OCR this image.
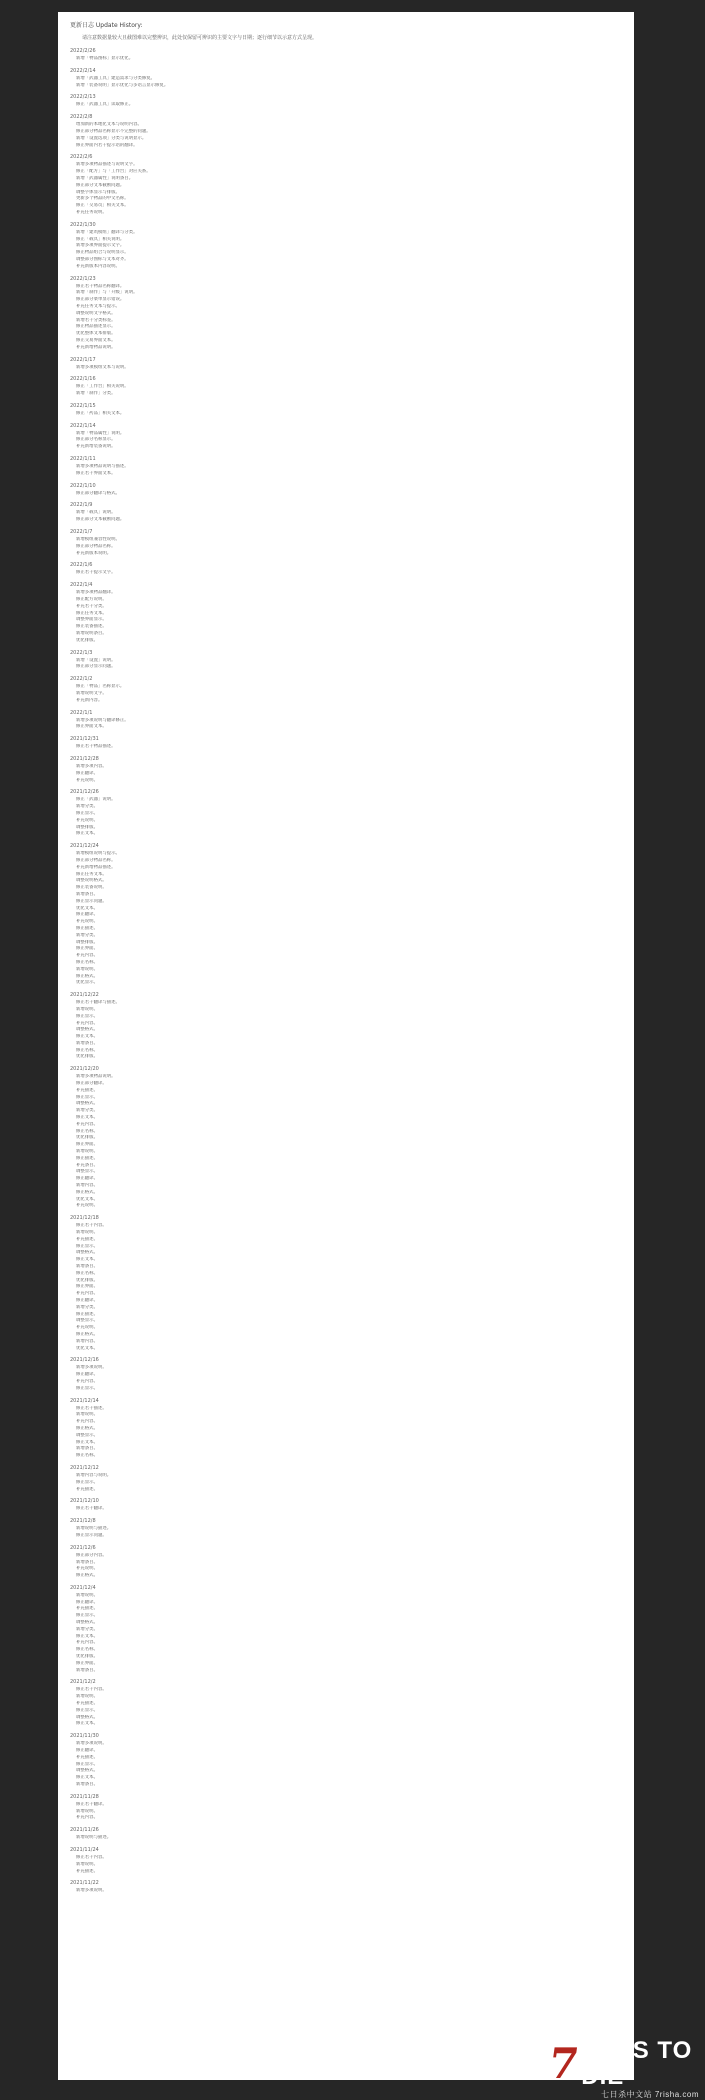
更新日志 Update History:
请注意数据量较大且截图难以完整辨识，此处仅保留可辨识的主要文字与日期；逐行细节以示意方式呈现。
2022/2/26
新增「物品图标」显示优化。
2022/2/14
新增「武器工具」建造需求与分类修复。
新增「装备说明」显示优化与多语言显示修复。
2022/2/13
修正「武器工具」读取修正。
2022/2/8
增加新的本地化文本与说明内容。
修正部分物品名称显示不完整的问题。
新增「设置选项」分类与说明显示。
修正界面内若干提示语的翻译。
2022/2/6
新增多项物品描述与说明文字。
修正「配方」与「工作台」对应关系。
新增「武器属性」说明条目。
修正部分文本截断问题。
调整字体显示与排版。
更新多个物品的中文名称。
修正「交易员」相关文本。
补充任务说明。
2022/1/30
新增「建筑模组」翻译与分类。
修正「载具」相关说明。
新增多项界面提示文字。
修正物品组合与说明显示。
调整部分图标与文本对齐。
补充新版本内容说明。
2022/1/23
修正若干物品名称翻译。
新增「制作」与「升级」说明。
修正部分菜单显示错误。
补充任务文本与提示。
调整说明文字格式。
新增若干分类标签。
修正物品描述显示。
优化整体文本排版。
修正交易界面文本。
补充新增物品说明。
2022/1/17
新增多项模组文本与说明。
2022/1/16
修正「工作台」相关说明。
新增「制作」分类。
2022/1/15
修正「药品」相关文本。
2022/1/14
新增「物品属性」说明。
修正部分名称显示。
补充新增装备说明。
2022/1/11
新增多项物品说明与描述。
修正若干界面文本。
2022/1/10
修正部分翻译与格式。
2022/1/9
新增「载具」说明。
修正部分文本截断问题。
2022/1/7
新增模组兼容性说明。
修正部分物品名称。
补充新版本说明。
2022/1/6
修正若干提示文字。
2022/1/4
新增多项物品翻译。
修正配方说明。
补充若干分类。
修正任务文本。
调整界面显示。
修正装备描述。
新增说明条目。
优化排版。
2022/1/3
新增「设置」说明。
修正部分显示问题。
2022/1/2
修正「物品」名称显示。
新增说明文字。
补充新内容。
2022/1/1
新增多项说明与翻译修正。
修正界面文本。
2021/12/31
修正若干物品描述。
2021/12/28
新增多项内容。
修正翻译。
补充说明。
2021/12/26
修正「武器」说明。
新增分类。
修正显示。
补充说明。
调整排版。
修正文本。
2021/12/24
新增模组说明与提示。
修正部分物品名称。
补充新增物品描述。
修正任务文本。
调整说明格式。
修正装备说明。
新增条目。
修正显示问题。
优化文本。
修正翻译。
补充说明。
修正描述。
新增分类。
调整排版。
修正界面。
补充内容。
修正名称。
新增说明。
修正格式。
优化显示。
2021/12/22
修正若干翻译与描述。
新增说明。
修正显示。
补充内容。
调整格式。
修正文本。
新增条目。
修正名称。
优化排版。
2021/12/20
新增多项物品说明。
修正部分翻译。
补充描述。
修正显示。
调整格式。
新增分类。
修正文本。
补充内容。
修正名称。
优化排版。
修正界面。
新增说明。
修正描述。
补充条目。
调整显示。
修正翻译。
新增内容。
修正格式。
优化文本。
补充说明。
2021/12/18
修正若干内容。
新增说明。
补充描述。
修正显示。
调整格式。
修正文本。
新增条目。
修正名称。
优化排版。
修正界面。
补充内容。
修正翻译。
新增分类。
修正描述。
调整显示。
补充说明。
修正格式。
新增内容。
优化文本。
2021/12/16
新增多项说明。
修正翻译。
补充内容。
修正显示。
2021/12/14
修正若干描述。
新增说明。
补充内容。
修正格式。
调整显示。
修正文本。
新增条目。
修正名称。
2021/12/12
新增内容与说明。
修正显示。
补充描述。
2021/12/10
修正若干翻译。
2021/12/8
新增说明与描述。
修正显示问题。
2021/12/6
修正部分内容。
新增条目。
补充说明。
修正格式。
2021/12/4
新增说明。
修正翻译。
补充描述。
修正显示。
调整格式。
新增分类。
修正文本。
补充内容。
修正名称。
优化排版。
修正界面。
新增条目。
2021/12/2
修正若干内容。
新增说明。
补充描述。
修正显示。
调整格式。
修正文本。
2021/11/30
新增多项说明。
修正翻译。
补充描述。
修正显示。
调整格式。
修正文本。
新增条目。
2021/11/28
修正若干翻译。
新增说明。
补充内容。
2021/11/26
新增说明与描述。
2021/11/24
修正若干内容。
新增说明。
补充描述。
2021/11/22
新增多项说明。
7 DAYS TO DIE
七日杀中文站 7risha.com
